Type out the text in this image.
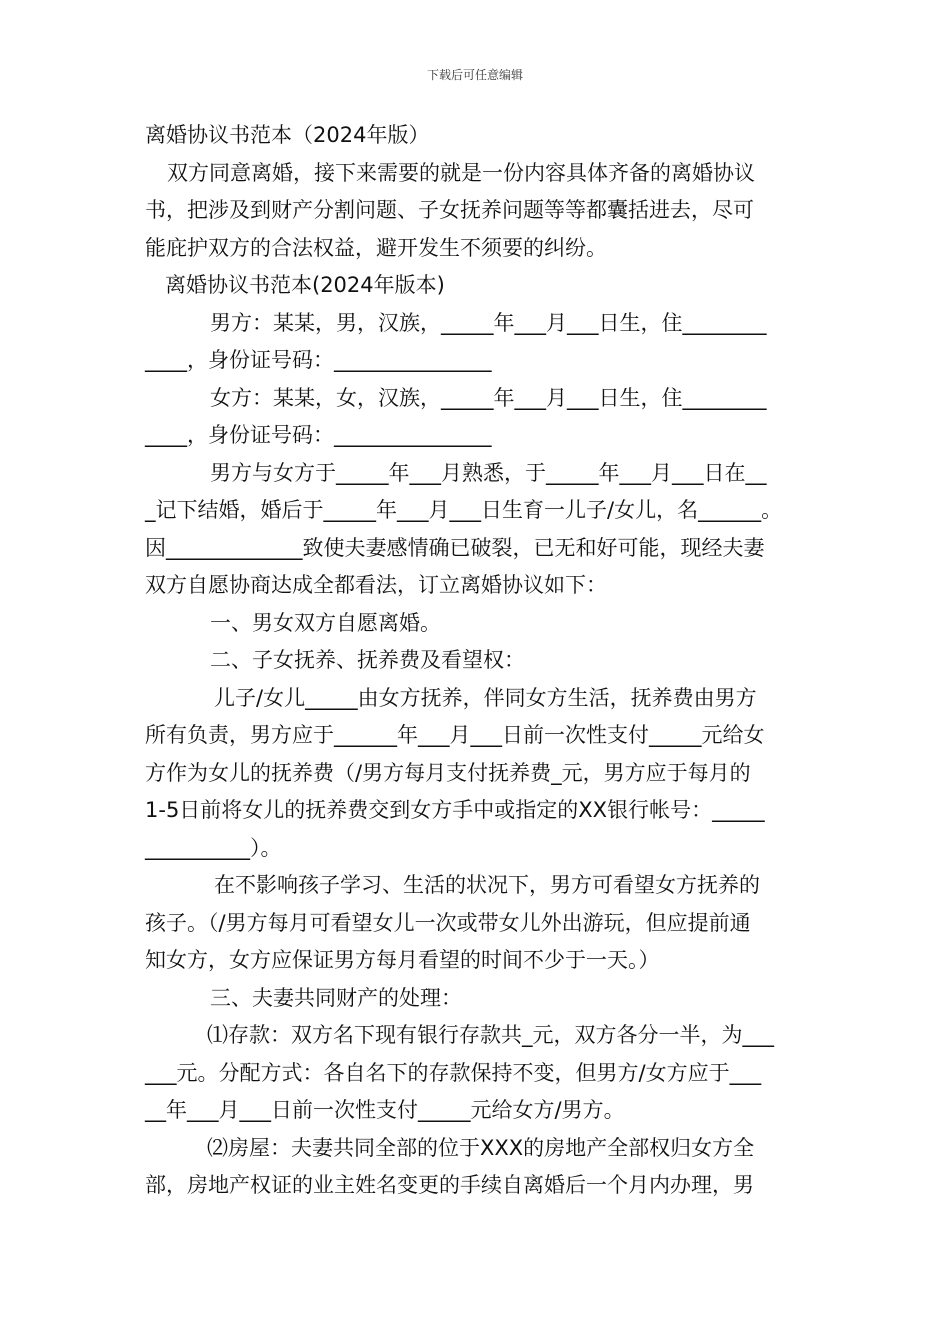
下载后可任意编辑
离婚协议书范本（2024年版）
双方同意离婚，接下来需要的就是一份内容具体齐备的离婚协议
书，把涉及到财产分割问题、子女抚养问题等等都囊括进去，尽可
能庇护双方的合法权益，避开发生不须要的纠纷。
离婚协议书范本(2024年版本)
男方：某某，男，汉族，_____年___月___日生，住________
____，身份证号码：_______________
女方：某某，女，汉族，_____年___月___日生，住________
____，身份证号码：_______________
男方与女方于_____年___月熟悉，于_____年___月___日在__
_记下结婚，婚后于_____年___月___日生育一儿子/女儿，名______。
因_____________致使夫妻感情确已破裂，已无和好可能，现经夫妻
双方自愿协商达成全都看法，订立离婚协议如下：
一、男女双方自愿离婚。
二、子女抚养、抚养费及看望权：
儿子/女儿_____由女方抚养，伴同女方生活，抚养费由男方
所有负责，男方应于______年___月___日前一次性支付_____元给女
方作为女儿的抚养费（/男方每月支付抚养费_元，男方应于每月的
1-5日前将女儿的抚养费交到女方手中或指定的XX银行帐号：_____
__________）。
在不影响孩子学习、生活的状况下，男方可看望女方抚养的
孩子。（/男方每月可看望女儿一次或带女儿外出游玩，但应提前通
知女方，女方应保证男方每月看望的时间不少于一天。）
三、夫妻共同财产的处理：
⑴存款：双方名下现有银行存款共_元，双方各分一半，为___
___元。分配方式：各自名下的存款保持不变，但男方/女方应于___
__年___月___日前一次性支付_____元给女方/男方。
⑵房屋：夫妻共同全部的位于XXX的房地产全部权归女方全
部，房地产权证的业主姓名变更的手续自离婚后一个月内办理，男
